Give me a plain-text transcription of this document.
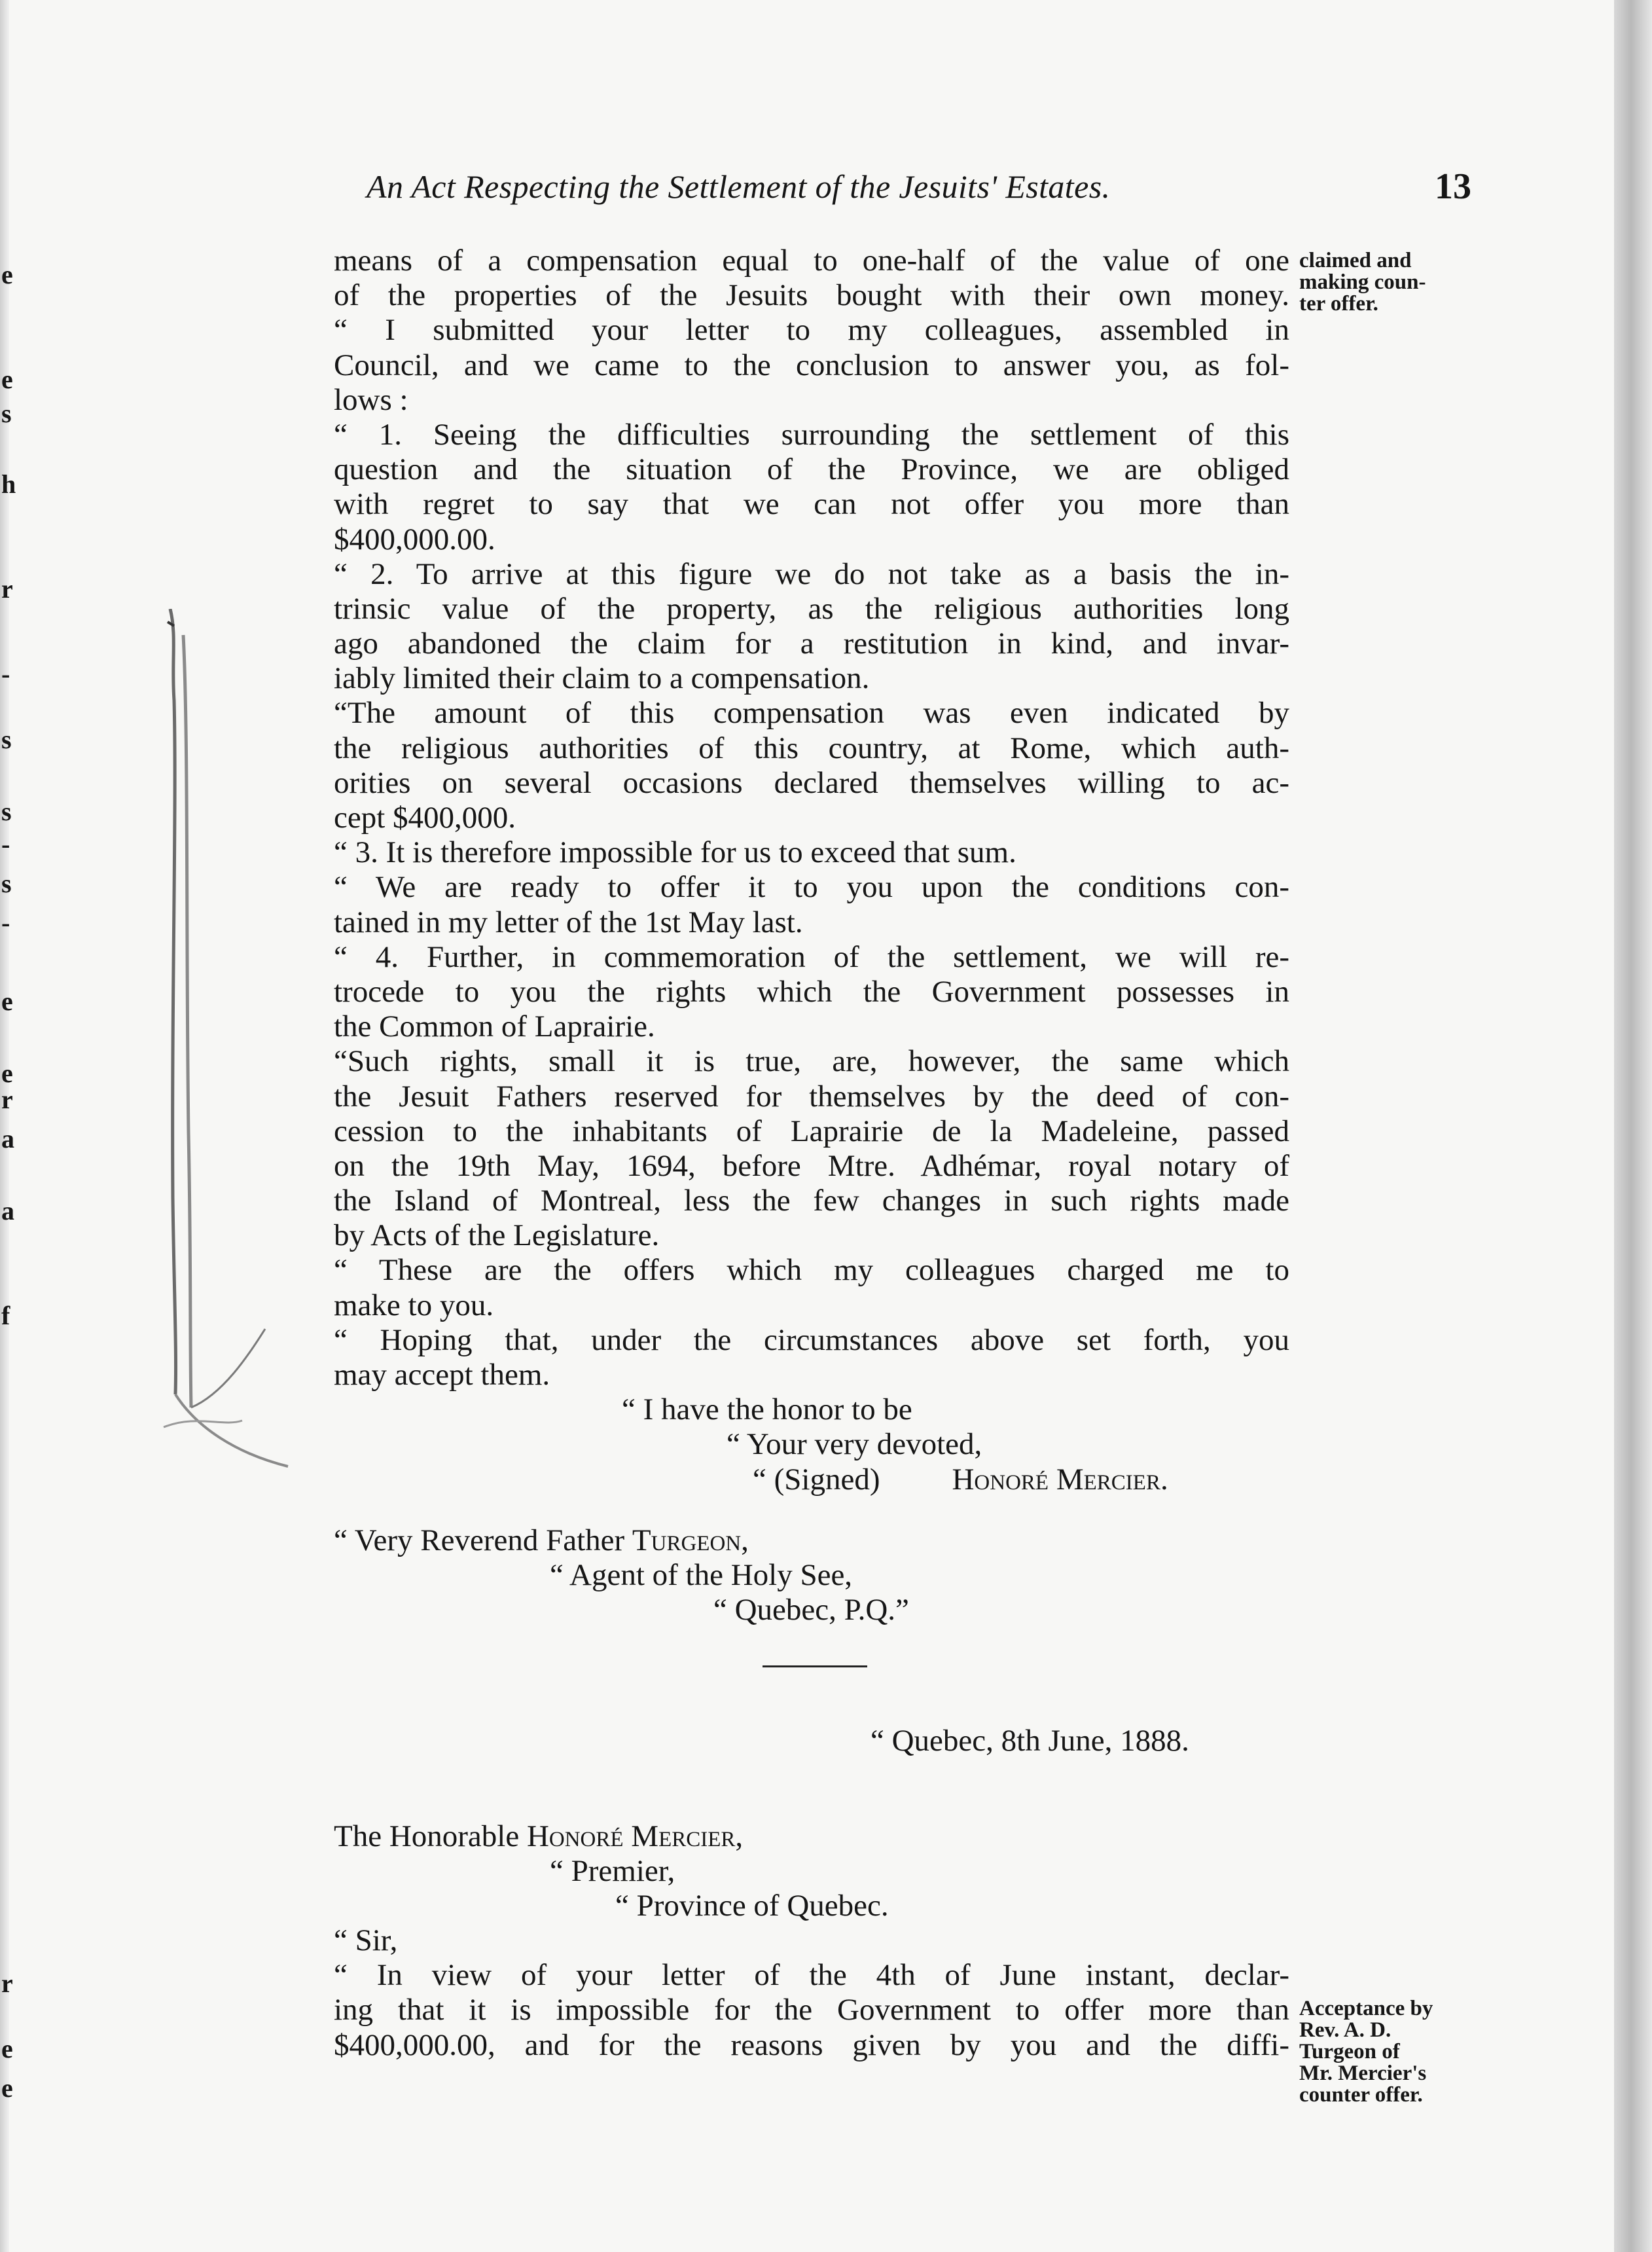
e
e
s
h
r
-
s
s
-
s
-
e
e
r
a
a
f
r
e
e
An Act Respecting the Settlement of the Jesuits' Estates.	13
means of a compensation equal to one-half of the value of one
of the properties of the Jesuits bought with their own money.
“ I submitted your letter to my colleagues, assembled in
Council, and we came to the conclusion to answer you, as fol-
lows :
“ 1. Seeing the difficulties surrounding the settlement of this
question and the situation of the Province, we are obliged
with regret to say that we can not offer you more than
$400,000.00.
“ 2. To arrive at this figure we do not take as a basis the in-
trinsic value of the property, as the religious authorities long
ago abandoned the claim for a restitution in kind, and invar-
iably limited their claim to a compensation.
“The amount of this compensation was even indicated by
the religious authorities of this country, at Rome, which auth-
orities on several occasions declared themselves willing to ac-
cept $400,000.
“ 3. It is therefore impossible for us to exceed that sum.
“ We are ready to offer it to you upon the conditions con-
tained in my letter of the 1st May last.
“ 4. Further, in commemoration of the settlement, we will re-
trocede to you the rights which the Government possesses in
the Common of Laprairie.
“Such rights, small it is true, are, however, the same which
the Jesuit Fathers reserved for themselves by the deed of con-
cession to the inhabitants of Laprairie de la Madeleine, passed
on the 19th May, 1694, before Mtre. Adhémar, royal notary of
the Island of Montreal, less the few changes in such rights made
by Acts of the Legislature.
“ These are the offers which my colleagues charged me to
make to you.
“ Hoping that, under the circumstances above set forth, you
may accept them.
“ I have the honor to be
“ Your very devoted,
“ (Signed) Honoré Mercier.
“ Very Reverend Father Turgeon,
“ Agent of the Holy See,
“ Quebec, P.Q.”
“ Quebec, 8th June, 1888.
The Honorable Honoré Mercier,
“ Premier,
“ Province of Quebec.
“ Sir,
“ In view of your letter of the 4th of June instant, declar-
ing that it is impossible for the Government to offer more than
$400,000.00, and for the reasons given by you and the diffi-
claimed and
making coun-
ter offer.
Acceptance by
Rev. A. D.
Turgeon of
Mr. Mercier's
counter offer.
